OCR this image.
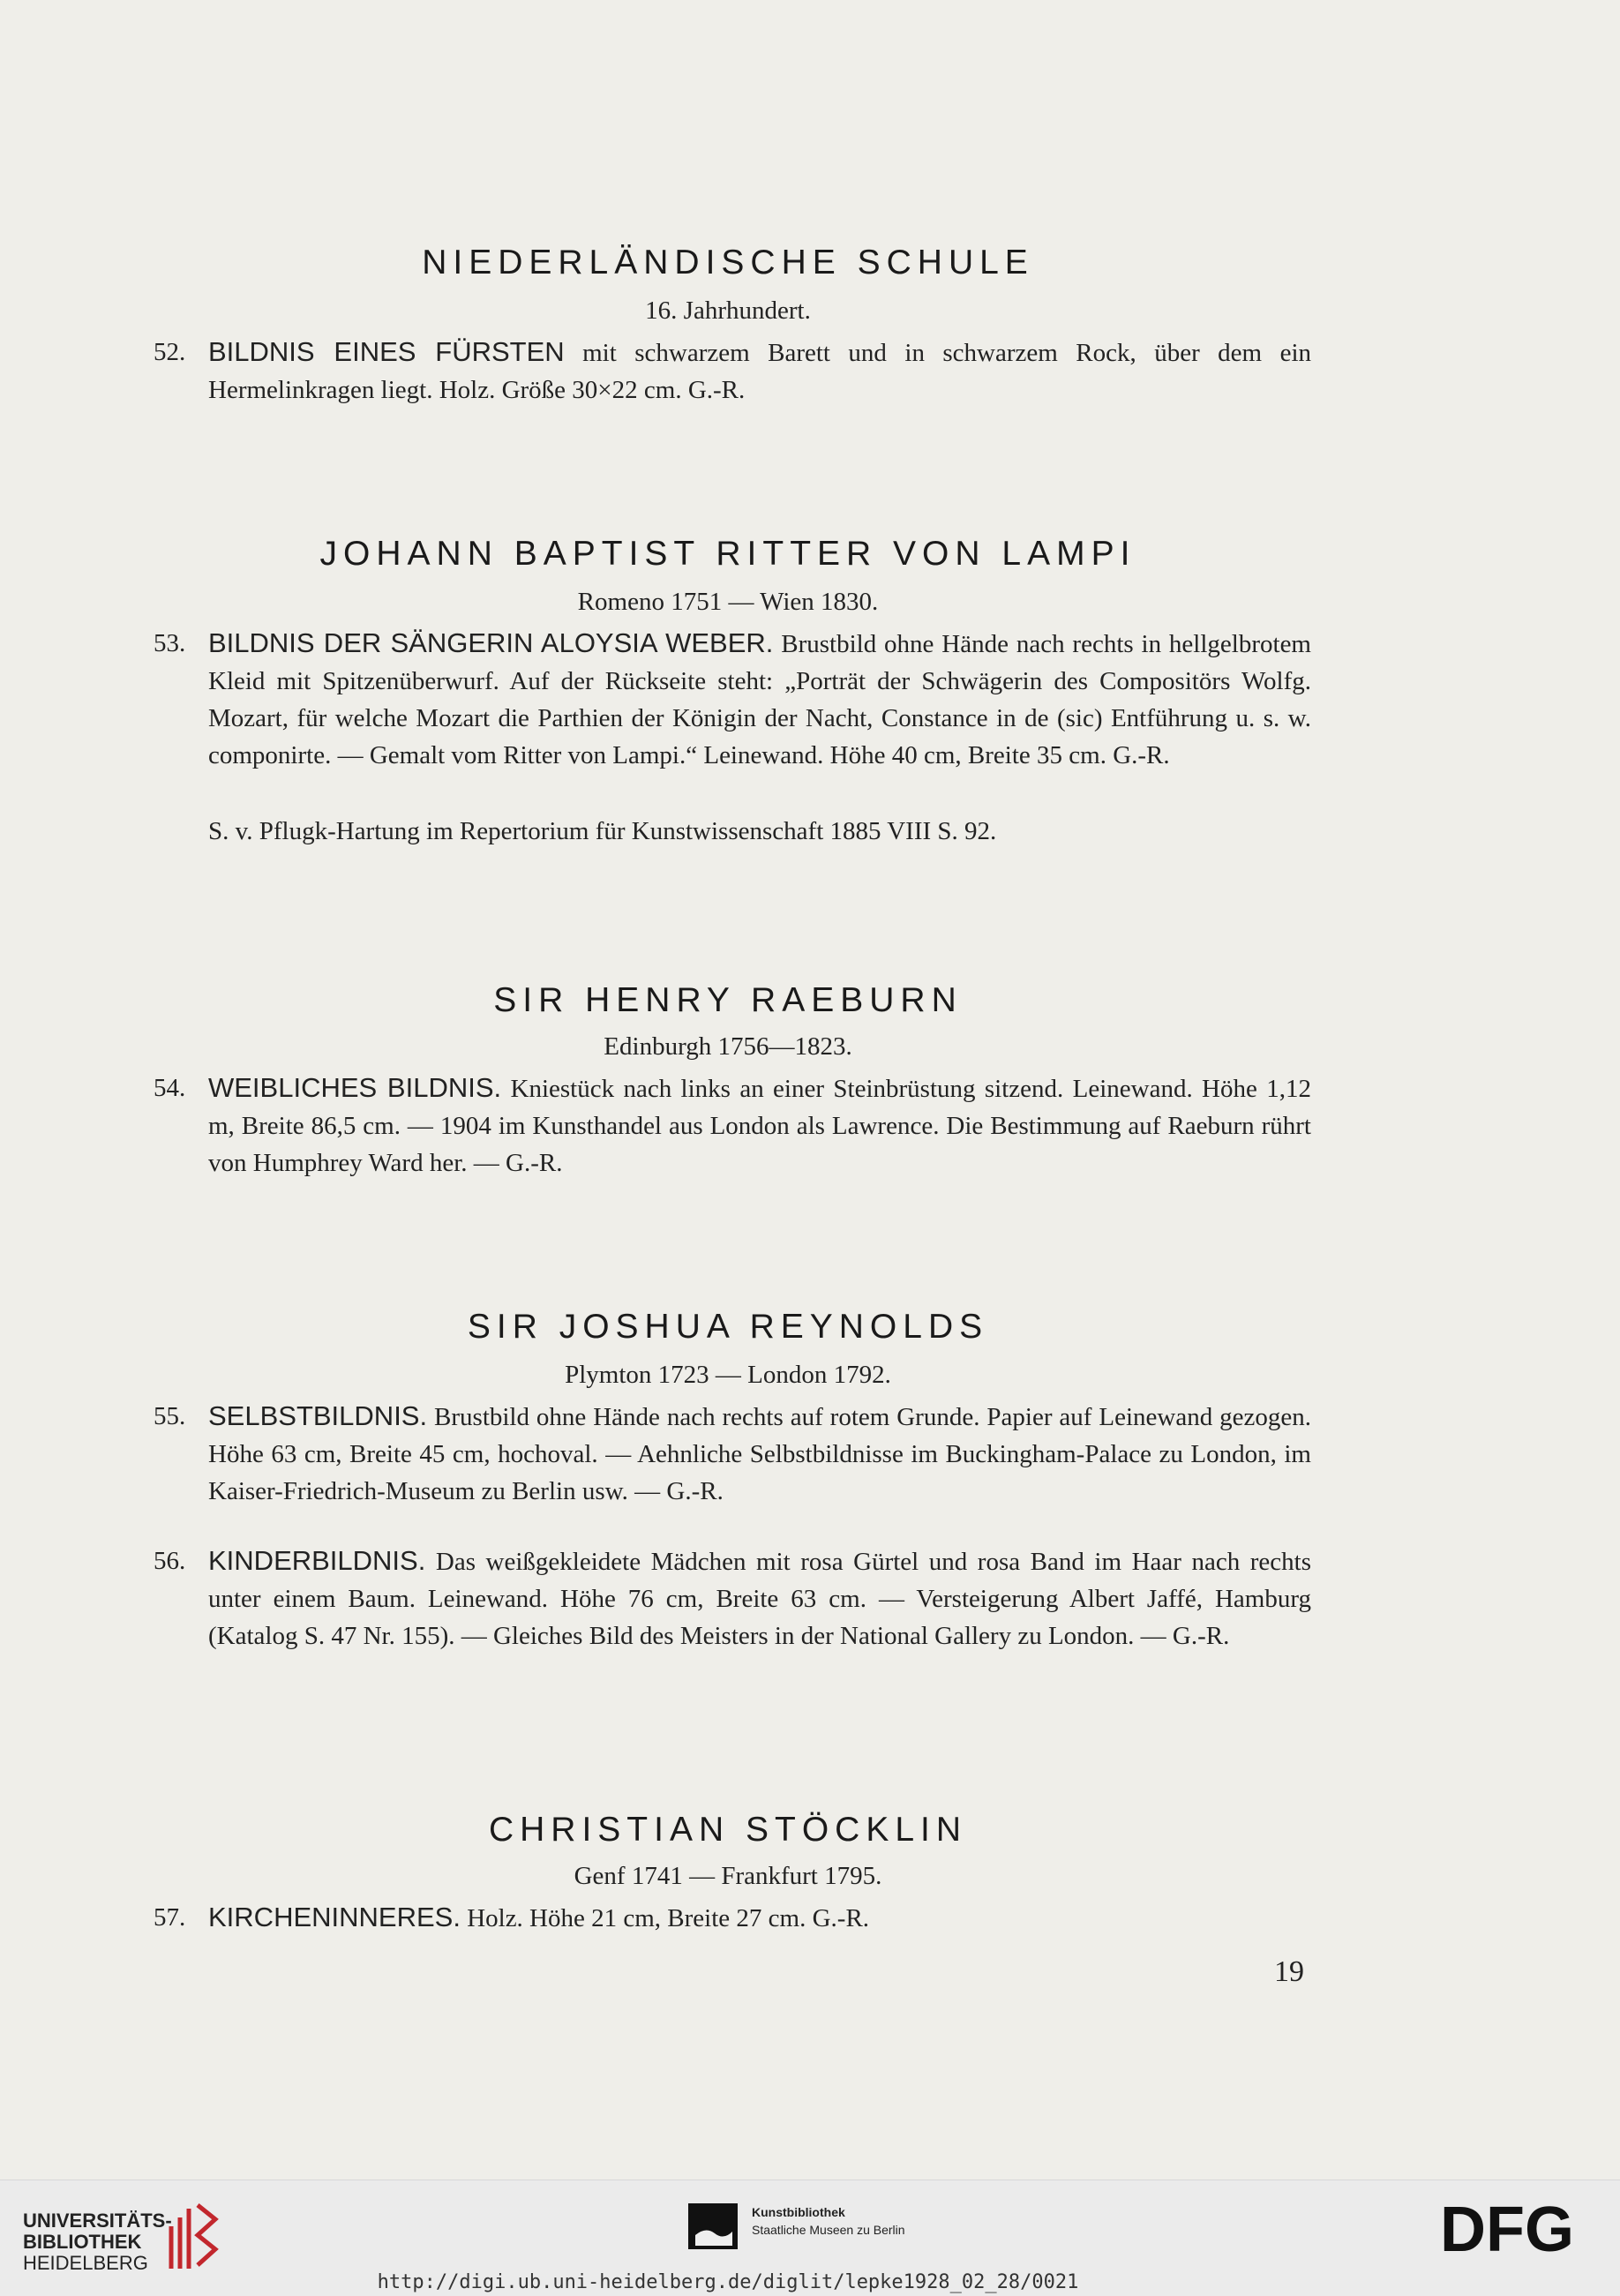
NIEDERLÄNDISCHE SCHULE
16. Jahrhundert.
52. BILDNIS EINES FÜRSTEN mit schwarzem Barett und in schwarzem Rock, über dem ein Hermelinkragen liegt. Holz. Größe 30×22 cm. G.-R.
JOHANN BAPTIST RITTER VON LAMPI
Romeno 1751 — Wien 1830.
53. BILDNIS DER SÄNGERIN ALOYSIA WEBER. Brustbild ohne Hände nach rechts in hellgelbrotem Kleid mit Spitzenüberwurf. Auf der Rückseite steht: „Porträt der Schwägerin des Compositörs Wolfg. Mozart, für welche Mozart die Parthien der Königin der Nacht, Constance in de (sic) Entführung u. s. w. componirte. — Gemalt vom Ritter von Lampi.“ Leinewand. Höhe 40 cm, Breite 35 cm. G.-R.
S. v. Pflugk-Hartung im Repertorium für Kunstwissenschaft 1885 VIII S. 92.
SIR HENRY RAEBURN
Edinburgh 1756—1823.
54. WEIBLICHES BILDNIS. Kniestück nach links an einer Steinbrüstung sitzend. Leinewand. Höhe 1,12 m, Breite 86,5 cm. — 1904 im Kunsthandel aus London als Lawrence. Die Bestimmung auf Raeburn rührt von Humphrey Ward her. — G.-R.
SIR JOSHUA REYNOLDS
Plymton 1723 — London 1792.
55. SELBSTBILDNIS. Brustbild ohne Hände nach rechts auf rotem Grunde. Papier auf Leinewand gezogen. Höhe 63 cm, Breite 45 cm, hochoval. — Aehnliche Selbstbildnisse im Buckingham-Palace zu London, im Kaiser-Friedrich-Museum zu Berlin usw. — G.-R.
56. KINDERBILDNIS. Das weißgekleidete Mädchen mit rosa Gürtel und rosa Band im Haar nach rechts unter einem Baum. Leinewand. Höhe 76 cm, Breite 63 cm. — Versteigerung Albert Jaffé, Hamburg (Katalog S. 47 Nr. 155). — Gleiches Bild des Meisters in der National Gallery zu London. — G.-R.
CHRISTIAN STÖCKLIN
Genf 1741 — Frankfurt 1795.
57. KIRCHENINNERES. Holz. Höhe 21 cm, Breite 27 cm. G.-R.
19
UNIVERSITÄTS-
BIBLIOTHEK
HEIDELBERG
Kunstbibliothek
Staatliche Museen zu Berlin	DFG
http://digi.ub.uni-heidelberg.de/diglit/lepke1928_02_28/0021
